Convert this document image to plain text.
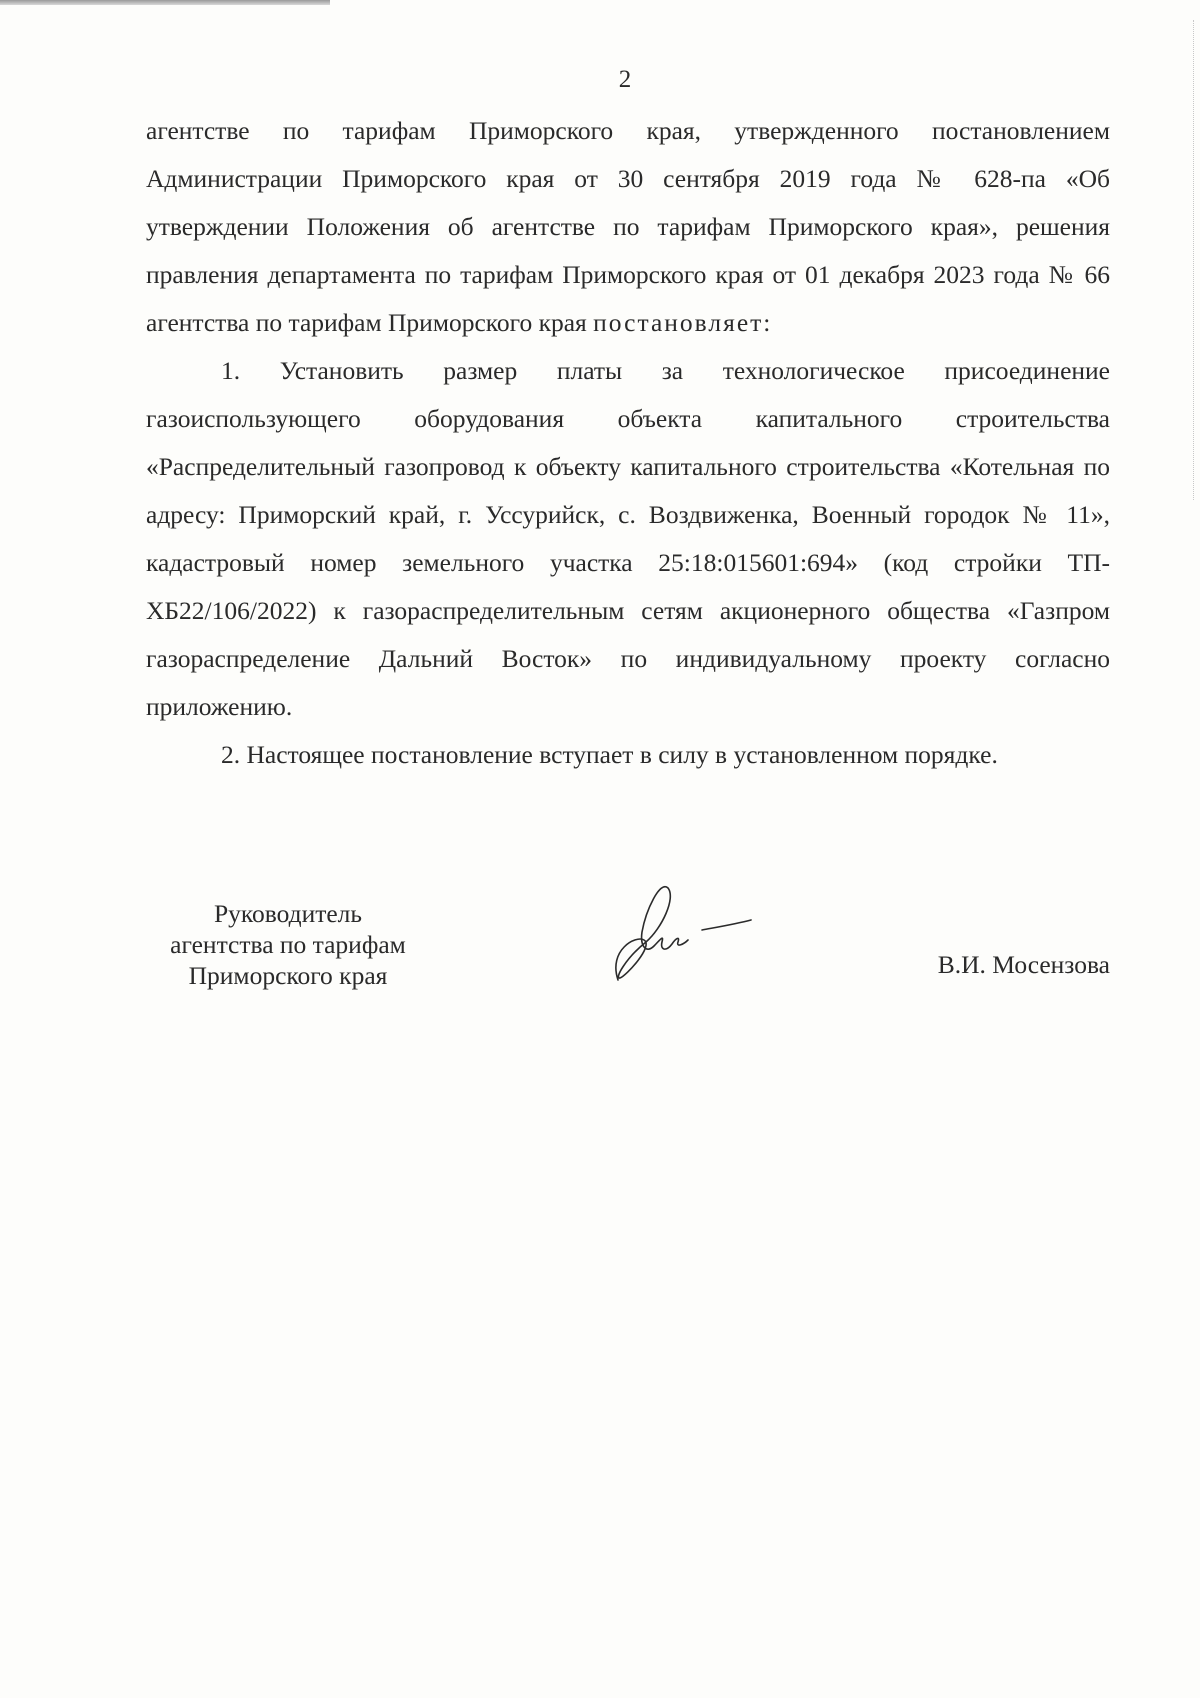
2

агентстве по тарифам Приморского края, утвержденного постановлением Администрации Приморского края от 30 сентября 2019 года № 628-па «Об утверждении Положения об агентстве по тарифам Приморского края», решения правления департамента по тарифам Приморского края от 01 декабря 2023 года № 66 агентства по тарифам Приморского края постановляет:

1. Установить размер платы за технологическое присоединение газоиспользующего оборудования объекта капитального строительства «Распределительный газопровод к объекту капитального строительства «Котельная по адресу: Приморский край, г. Уссурийск, с. Воздвиженка, Военный городок № 11», кадастровый номер земельного участка 25:18:015601:694» (код стройки ТП-ХБ22/106/2022) к газораспределительным сетям акционерного общества «Газпром газораспределение Дальний Восток» по индивидуальному проекту согласно приложению.

2. Настоящее постановление вступает в силу в установленном порядке.

Руководитель
агентства по тарифам
Приморского края	В.И. Мосензова
